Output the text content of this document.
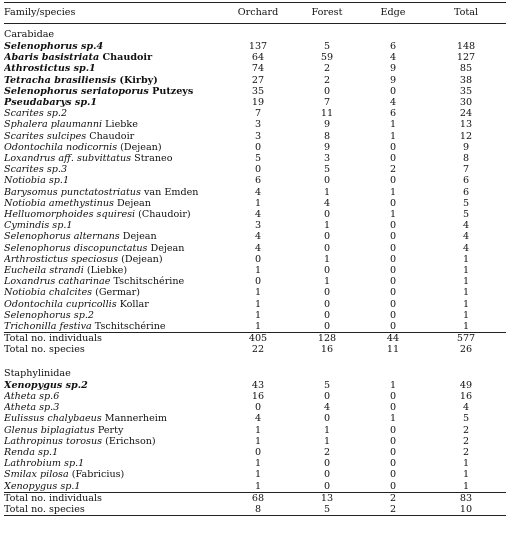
Family/species	Orchard	Forest	Edge	Total
Carabidae				
Selenophorus sp.4	137	5	6	148
Abaris basistriata Chaudoir	64	59	4	127
Athrostictus sp.1	74	2	9	85
Tetracha brasiliensis (Kirby)	27	2	9	38
Selenophorus seriatoporus Putzeys	35	0	0	35
Pseudabarys sp.1	19	7	4	30
Scarites sp.2	7	11	6	24
Sphalera plaumanni Liebke	3	9	1	13
Scarites sulcipes Chaudoir	3	8	1	12
Odontochila nodicornis (Dejean)	0	9	0	9
Loxandrus aff. subvittatus Straneo	5	3	0	8
Scarites sp.3	0	5	2	7
Notiobia sp.1	6	0	0	6
Barysomus punctatostriatus van Emden	4	1	1	6
Notiobia amethystinus Dejean	1	4	0	5
Helluomorphoides squiresi (Chaudoir)	4	0	1	5
Cymindis sp.1	3	1	0	4
Selenophorus alternans Dejean	4	0	0	4
Selenophorus discopunctatus Dejean	4	0	0	4
Arthrostictus speciosus (Dejean)	0	1	0	1
Eucheila strandi (Liebke)	1	0	0	1
Loxandrus catharinae Tschitschérine	0	1	0	1
Notiobia chalcites (Germar)	1	0	0	1
Odontochila cupricollis Kollar	1	0	0	1
Selenophorus sp.2	1	0	0	1
Trichonilla festiva Tschitschérine	1	0	0	1
Total no. individuals	405	128	44	577
Total no. species	22	16	11	26

Staphylinidae				
Xenopygus sp.2	43	5	1	49
Atheta sp.6	16	0	0	16
Atheta sp.3	0	4	0	4
Eulissus chalybaeus Mannerheim	4	0	1	5
Glenus biplagiatus Perty	1	1	0	2
Lathropinus torosus (Erichson)	1	1	0	2
Renda sp.1	0	2	0	2
Lathrobium sp.1	1	0	0	1
Smilax pilosa (Fabricius)	1	0	0	1
Xenopygus sp.1	1	0	0	1
Total no. individuals	68	13	2	83
Total no. species	8	5	2	10
